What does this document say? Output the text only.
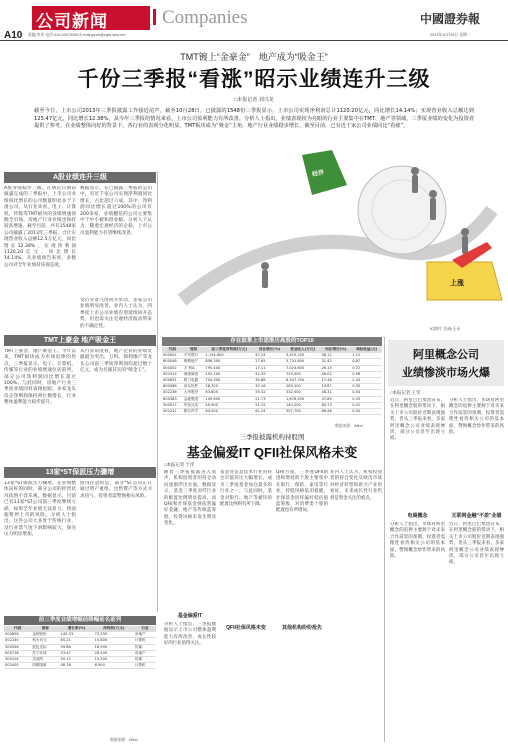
公司新闻	Companies	中國證券報
A10 责编:李亚 电话:010-63070359 E-mail:gsxw@zqrb.sina.net	2013年10月28日 星期一
TMT镀上“金豪金”　地产成为“吸金王”
千份三季报“看涨”昭示业绩连升三级
□本报记者 刘兴龙
截至今日，上市公司2013年三季报披露工作接近尾声，截至10月28日，已披露的1548份三季报显示，上市公司实现净利润总计1120.20亿元，同比增长14.14%；实现营业收入总额达到125.47亿元，同比增长12.38%。从今年三季报的情况来看，上市公司盈利能力有所改善。分析人士指出，业绩表现较为亮眼的行业主要集中在TMT、地产等领域，三季报业绩的变化为投资者提供了参考。在业绩整体向好的背景下，各行业的表现分化明显，TMT板块成为“吸金”主角，地产行业业绩稳步增长，截至目前，已有近千家公司业绩同比“看涨”。
A股业绩连升三级
A股业绩稳步三级，在规定日期前披露完成的三季报中，上市公司业绩同比增长的公司数量明显多于下滑公司。从行业来看，电子、计算机、传媒等TMT板块的业绩增速领跑全市场，房地产行业业绩也保持较高增速。截至目前，共有1548家公司披露了2013年三季报，合计实现营业收入总额12.5万亿元，同比增长12.38%，实现净利润1120.20亿元，同比增长14.14%。从业绩预告来看，多数公司对全年业绩持乐观态度。
数据显示，在已披露三季报的公司中，有近千家公司实现净利润同比增长，占比超过六成。其中，净利润同比增长超过100%的公司有200余家，业绩翻倍的公司主要集中于中小板和创业板。分析人士认为，随着宏观经济的企稳，上市公司盈利能力有望继续改善。
受行业景气度回升带动，多家公司业绩明显改善。业内人士认为，四季度上市公司业绩有望延续回升态势，但也需关注宏观经济波动带来的不确定性。
TMT上豪金 地产吸金王
TMT上豪金、地产吸金王。今年以来，TMT板块成为市场追捧的热点，三季报显示，电子、计算机、传媒等行业的业绩增速位居前列，部分公司净利润同比增长超过100%。与此同时，房地产行业三季度业绩同样表现抢眼，多家龙头房企净利润保持两位数增长，行业整体盈利能力稳步提升。
从行业角度看，地产企业的业绩贡献最为突出，万科、保利地产等龙头公司前三季度净利润均超过数十亿元，成为名副其实的“吸金王”。
13家*ST保派压力骤增
13家*ST保派压力骤增。在业绩整体向好的同时，部分公司的经营状况依然不容乐观。数据显示，目前已有13家*ST公司前三季度继续亏损，如果全年业绩无法扭亏，将面临暂停上市的风险。分析人士指出，这些公司大多处于传统行业，受行业景气度下滑影响较大，保壳压力明显增加。
值得注意的是，部分*ST公司正在通过资产重组、出售资产等方式寻求扭亏，投资者需警惕相关风险。
经济
上涨
IC图片 合成/王永
存在鼓掌上市逐渐历高股的TOP10
代码	简称	前三季度净利润(万元)	同比增长(%)	营业收入(万元)	同比增长(%)	每股收益(元)
000001	平安银行	1,154,600	47.24	3,425,200	38.12	1.10
600048	保利地产	856,300	27.65	5,731,800	31.42	0.87
000002	万 科A	795,400	17.11	7,024,600	26.15	0.72
002415	海康威视	192,100	42.39	729,500	46.02	0.96
000651	格力电器	704,300	39.88	8,547,200	17.46	2.34
600588	用友软件	28,700	32.16	263,100	14.87	0.30
002236	大华股份	63,800	55.42	332,400	48.31	0.54
600383	金地集团	149,600	21.73	1,876,500	37.85	0.33
300027	华谊兄弟	49,900	91.15	140,200	80.73	0.41
002241	歌尔声学	64,500	61.24	557,700	88.46	0.50
数据来源：Wind
三季报披露机构持股图
基金偏爱IT QFII社保风格未变
□本报记者 于洋
随着三季报披露进入尾声，机构投资者的持仓动向逐渐浮出水面。数据显示，基金三季度对IT行业的配置比例明显提高，而QFII和社保基金则依然偏好金融、地产等传统蓝筹股，投资风格未发生明显变化。
基金偏爱IT
基金对信息技术行业的持仓市值环比大幅增长，成为三季度基金加仓最多的行业之一。与此同时，基金对银行、地产等板块的配置比例则有所下降。
QFII社保风格未变
QFII方面，三季度QFII新进和增持的个股主要集中在银行、保险、家电等行业，持股风格依旧稳健。社保基金同样偏好低估值蓝筹股，对消费类个股的配置也有所增加。
其他机构纷纷抢先
业内人士认为，机构投资者的持仓变化反映出市场对经济转型和新兴产业的看好，未来成长性行业仍将是资金关注的重点。
分析人士指出，三季报数据显示上市公司整体盈利能力有所改善，成长性较好的行业值得关注。
阿里概念公司
业绩惨淡市场火爆
□本报记者 王雪
近日，阿里巴巴集团宣布，在阿里概念股的带动下，相关上市公司股价近期表现强势，但从三季报来看，多家阿里概念公司业绩表现惨淡，部分公司甚至出现亏损。
分析人士指出，市场对阿里概念的追捧主要源于对未来合作前景的预期，投资者需理性看待相关公司的基本面，警惕概念炒作带来的风险。
电商概念
分析人士指出，市场对阿里概念的追捧主要源于对未来合作前景的预期，投资者需理性看待相关公司的基本面，警惕概念炒作带来的风险。
互联网金融“不差”业绩
近日，阿里巴巴集团宣布，在阿里概念股的带动下，相关上市公司股价近期表现强势，但从三季报来看，多家阿里概念公司业绩表现惨淡，部分公司甚至出现亏损。
前三季度业绩增幅前降幅前名前列
代码	简称	增长率(%)	净利润(万元)	行业
000656	金科股份	145.33	72,100	房地产
002230	科大讯飞	60.21	15,800	计算机
300058	蓝色光标	59.86	18,900	传媒
000718	苏宁环球	53.47	28,400	房地产
300104	乐视网	50.12	15,300	传媒
002405	四维图新	48.76	6,900	计算机
数据来源：Wind
